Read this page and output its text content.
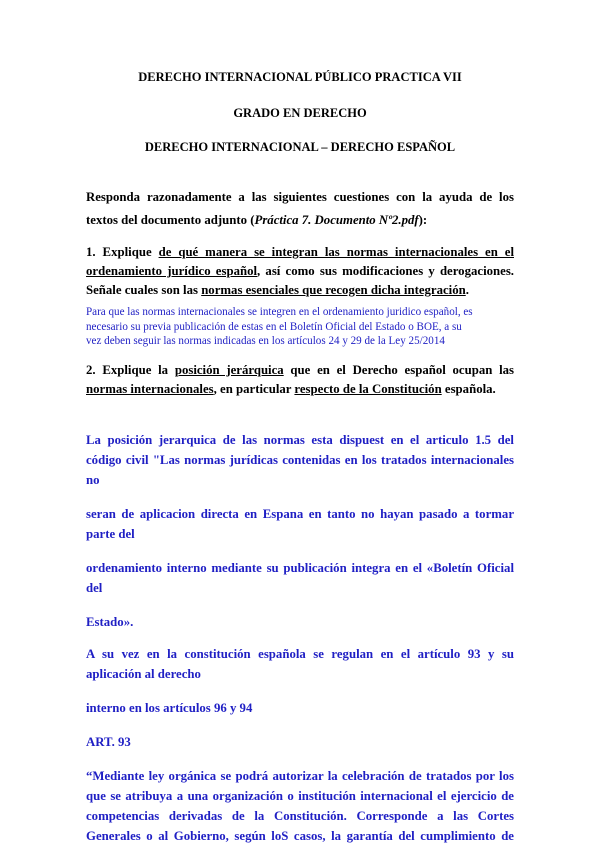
DERECHO INTERNACIONAL PÚBLICO PRACTICA VII
GRADO EN DERECHO
DERECHO INTERNACIONAL – DERECHO ESPAÑOL
Responda razonadamente a las siguientes cuestiones con la ayuda de los
textos del documento adjunto (Práctica 7. Documento Nº2.pdf):
1. Explique de qué manera se integran las normas internacionales en el
ordenamiento jurídico español, así como sus modificaciones y derogaciones.
Señale cuales son las normas esenciales que recogen dicha integración.
Para que las normas internacionales se integren en el ordenamiento juridico español, es
necesario su previa publicación de estas en el Boletín Oficial del Estado o BOE, a su
vez deben seguir las normas indicadas en los artículos 24 y 29 de la Ley 25/2014
2. Explique la posición jerárquica que en el Derecho español ocupan las
normas internacionales, en particular respecto de la Constitución española.
La posición jerarquica de las normas esta dispuest en el articulo 1.5 del
código civil "Las normas jurídicas contenidas en los tratados internacionales
no
seran de aplicacion directa en Espana en tanto no hayan pasado a tormar
parte del
ordenamiento interno mediante su publicación integra en el «Boletín Oficial
del
Estado».
A su vez en la constitución española se regulan en el artículo 93 y su
aplicación al derecho
interno en los artículos 96 y 94
ART. 93
“Mediante ley orgánica se podrá autorizar la celebración de tratados por los
que se atribuya a una organización o institución internacional el ejercicio de
competencias derivadas de la Constitución. Corresponde a las Cortes
Generales o al Gobierno, según loS casos, la garantía del cumplimiento de
